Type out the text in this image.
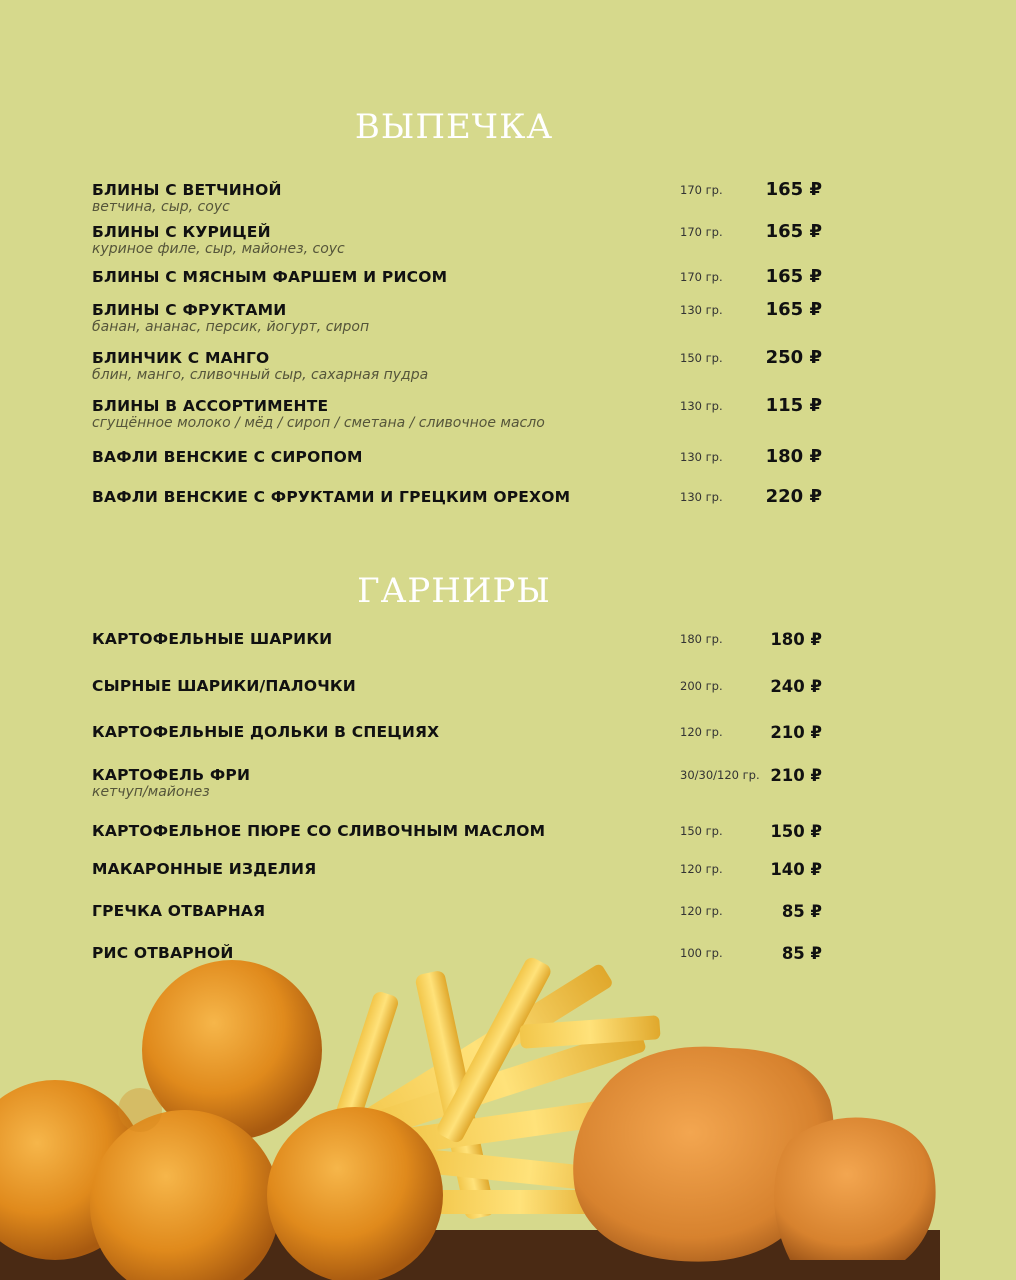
ВЫПЕЧКА
БЛИНЫ С ВЕТЧИНОЙ
ветчина, сыр, соус
170 гр. 165 ₽
БЛИНЫ С КУРИЦЕЙ
куриное филе, сыр, майонез, соус
170 гр. 165 ₽
БЛИНЫ С МЯСНЫМ ФАРШЕМ И РИСОМ	170 гр. 165 ₽
БЛИНЫ С ФРУКТАМИ
банан, ананас, персик, йогурт, сироп
130 гр. 165 ₽
БЛИНЧИК С МАНГО
блин, манго, сливочный сыр, сахарная пудра
150 гр. 250 ₽
БЛИНЫ В АССОРТИМЕНТЕ
сгущённое молоко / мёд / сироп / сметана / сливочное масло
130 гр. 115 ₽
ВАФЛИ ВЕНСКИЕ С СИРОПОМ	130 гр. 180 ₽
ВАФЛИ ВЕНСКИЕ С ФРУКТАМИ И ГРЕЦКИМ ОРЕХОМ	130 гр. 220 ₽
ГАРНИРЫ
КАРТОФЕЛЬНЫЕ ШАРИКИ	180 гр.	180 ₽
СЫРНЫЕ ШАРИКИ/ПАЛОЧКИ	200 гр.	240 ₽
КАРТОФЕЛЬНЫЕ ДОЛЬКИ В СПЕЦИЯХ	120 гр.	210 ₽
КАРТОФЕЛЬ ФРИ
кетчуп/майонез
30/30/120 гр. 210 ₽
КАРТОФЕЛЬНОЕ ПЮРЕ СО СЛИВОЧНЫМ МАСЛОМ	150 гр.	150 ₽
МАКАРОННЫЕ ИЗДЕЛИЯ	120 гр.	140 ₽
ГРЕЧКА ОТВАРНАЯ	120 гр.	85 ₽
РИС ОТВАРНОЙ	100 гр.	85 ₽
